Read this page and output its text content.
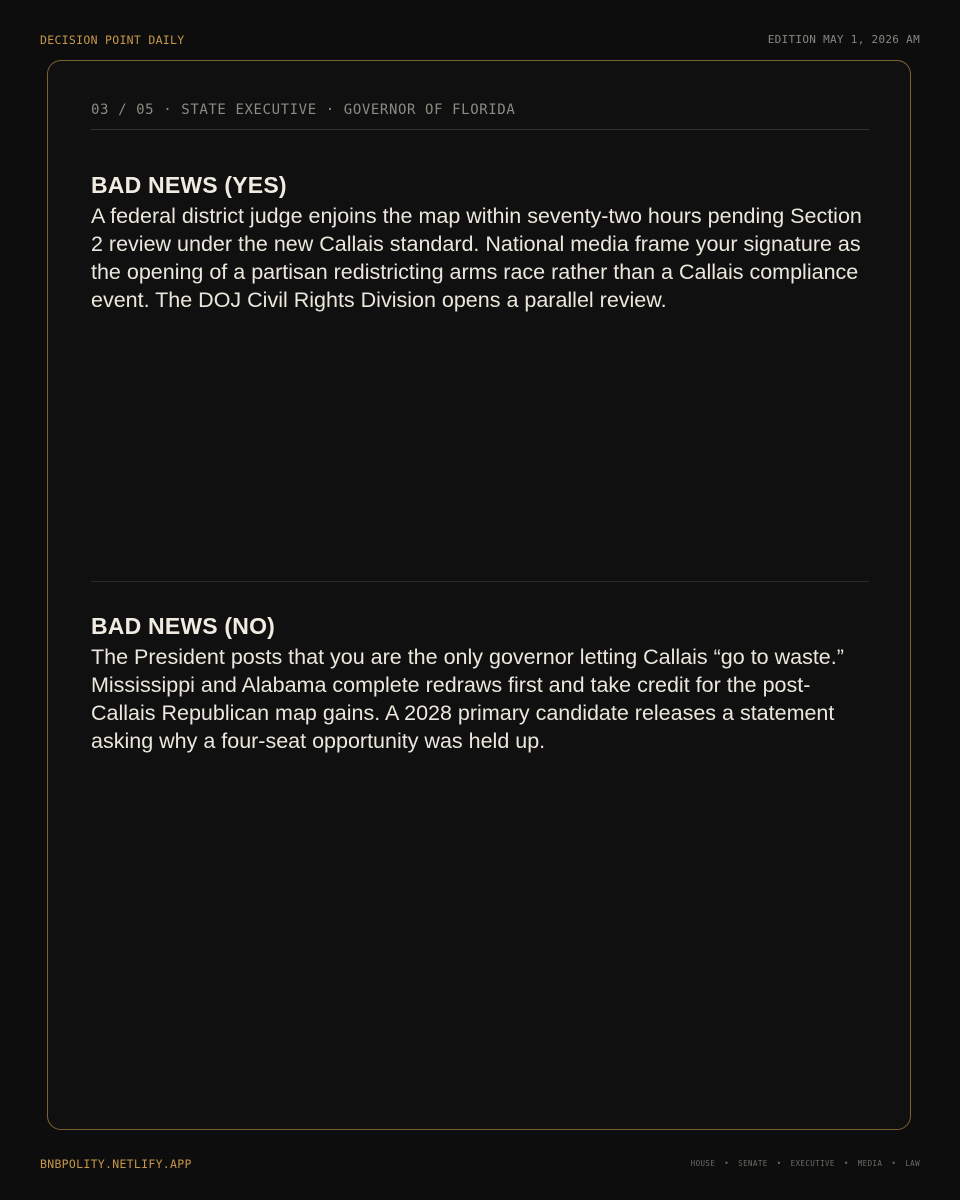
DECISION POINT DAILY	EDITION MAY 1, 2026 AM
03 / 05 · STATE EXECUTIVE · GOVERNOR OF FLORIDA
BAD NEWS (YES)

A federal district judge enjoins the map within seventy-two hours pending Section 2 review under the new Callais standard. National media frame your signature as the opening of a partisan redistricting arms race rather than a Callais compliance event. The DOJ Civil Rights Division opens a parallel review.

BAD NEWS (NO)

The President posts that you are the only governor letting Callais “go to waste.” Mississippi and Alabama complete redraws first and take credit for the post-Callais Republican map gains. A 2028 primary candidate releases a statement asking why a four-seat opportunity was held up.

BNBPOLITY.NETLIFY.APP	HOUSE • SENATE • EXECUTIVE • MEDIA • LAW
